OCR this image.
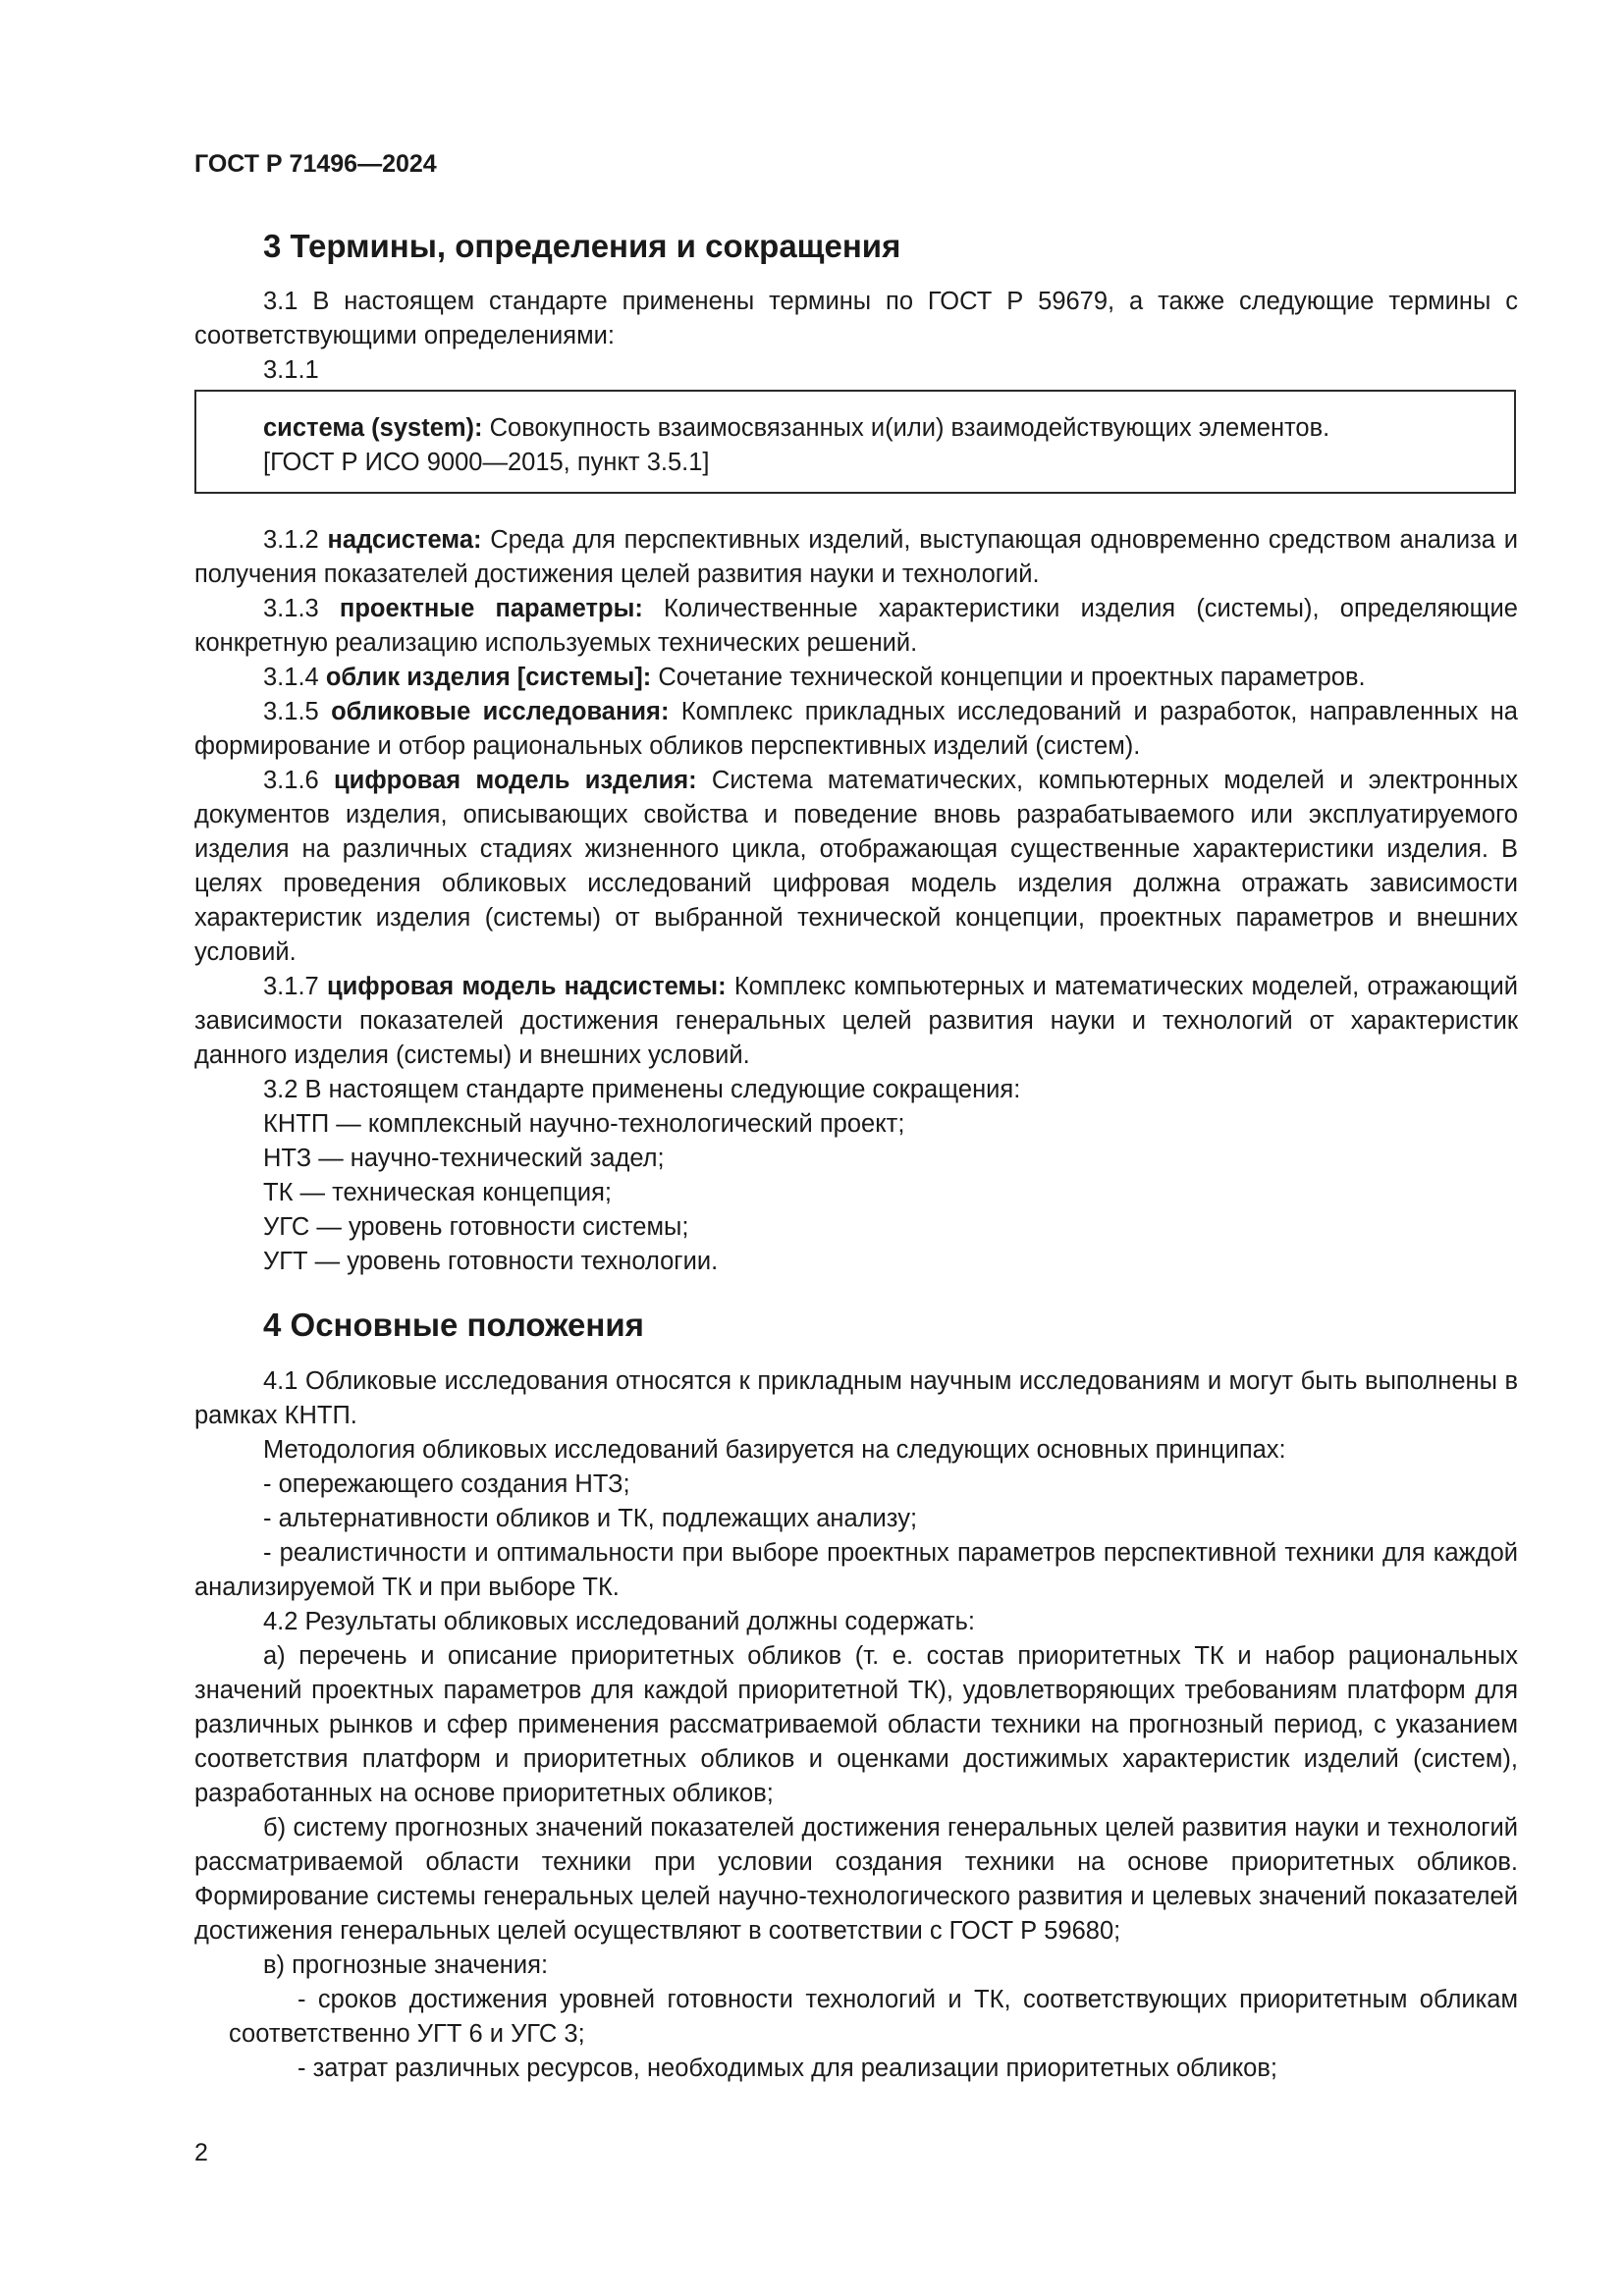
ГОСТ Р 71496—2024
3 Термины, определения и сокращения

3.1 В настоящем стандарте применены термины по ГОСТ Р 59679, а также следующие термины с соответствующими определениями:

3.1.1

система (system): Совокупность взаимосвязанных и(или) взаимодействующих элементов.

[ГОСТ Р ИСО 9000—2015, пункт 3.5.1]

3.1.2 надсистема: Среда для перспективных изделий, выступающая одновременно средством анализа и получения показателей достижения целей развития науки и технологий.

3.1.3 проектные параметры: Количественные характеристики изделия (системы), определяющие конкретную реализацию используемых технических решений.

3.1.4 облик изделия [системы]: Сочетание технической концепции и проектных параметров.

3.1.5 обликовые исследования: Комплекс прикладных исследований и разработок, направленных на формирование и отбор рациональных обликов перспективных изделий (систем).

3.1.6 цифровая модель изделия: Система математических, компьютерных моделей и электронных документов изделия, описывающих свойства и поведение вновь разрабатываемого или эксплуатируемого изделия на различных стадиях жизненного цикла, отображающая существенные характеристики изделия. В целях проведения обликовых исследований цифровая модель изделия должна отражать зависимости характеристик изделия (системы) от выбранной технической концепции, проектных параметров и внешних условий.

3.1.7 цифровая модель надсистемы: Комплекс компьютерных и математических моделей, отражающий зависимости показателей достижения генеральных целей развития науки и технологий от характеристик данного изделия (системы) и внешних условий.

3.2 В настоящем стандарте применены следующие сокращения:

КНТП — комплексный научно-технологический проект;

НТЗ — научно-технический задел;

ТК — техническая концепция;

УГС — уровень готовности системы;

УГТ — уровень готовности технологии.

4 Основные положения

4.1 Обликовые исследования относятся к прикладным научным исследованиям и могут быть выполнены в рамках КНТП.

Методология обликовых исследований базируется на следующих основных принципах:

- опережающего создания НТЗ;

- альтернативности обликов и ТК, подлежащих анализу;

- реалистичности и оптимальности при выборе проектных параметров перспективной техники для каждой анализируемой ТК и при выборе ТК.

4.2 Результаты обликовых исследований должны содержать:

а) перечень и описание приоритетных обликов (т. е. состав приоритетных ТК и набор рациональных значений проектных параметров для каждой приоритетной ТК), удовлетворяющих требованиям платформ для различных рынков и сфер применения рассматриваемой области техники на прогнозный период, с указанием соответствия платформ и приоритетных обликов и оценками достижимых характеристик изделий (систем), разработанных на основе приоритетных обликов;

б) систему прогнозных значений показателей достижения генеральных целей развития науки и технологий рассматриваемой области техники при условии создания техники на основе приоритетных обликов. Формирование системы генеральных целей научно-технологического развития и целевых значений показателей достижения генеральных целей осуществляют в соответствии с ГОСТ Р 59680;

в) прогнозные значения:

- сроков достижения уровней готовности технологий и ТК, соответствующих приоритетным обликам соответственно УГТ 6 и УГС 3;

- затрат различных ресурсов, необходимых для реализации приоритетных обликов;

2
